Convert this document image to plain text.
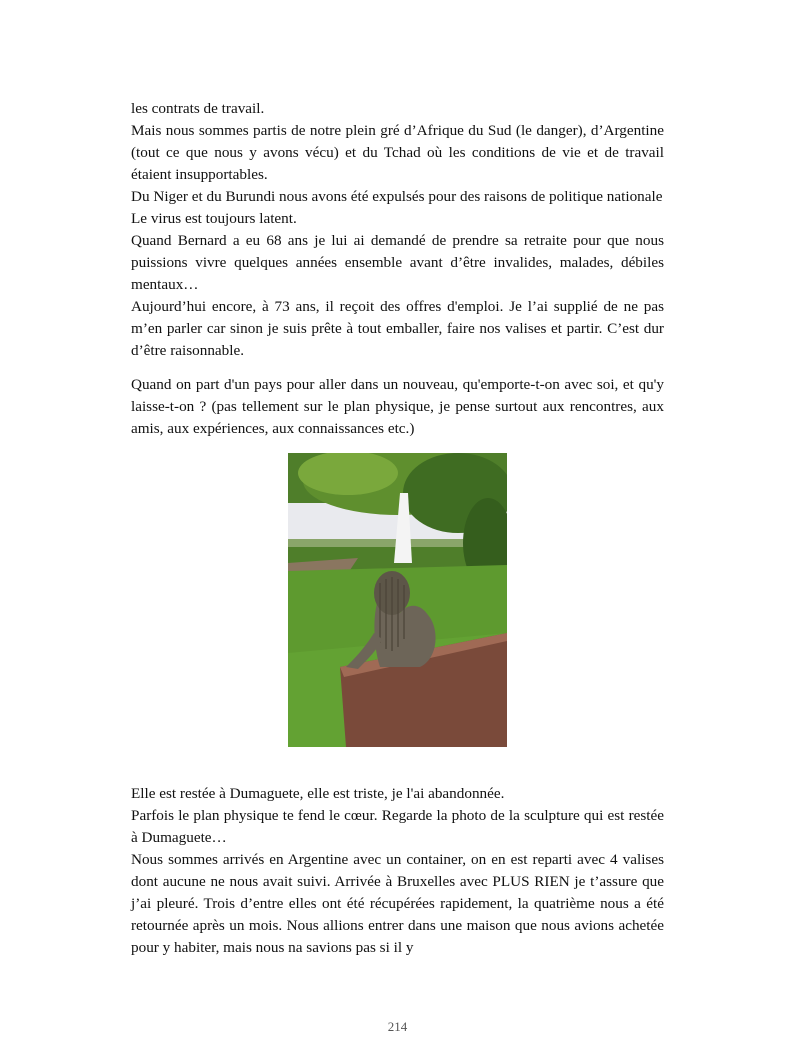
les contrats de travail.

Mais nous sommes partis de notre plein gré d’Afrique du Sud (le danger), d’Argentine (tout ce que nous y avons vécu) et du Tchad où les conditions de vie et de travail étaient insupportables.

Du Niger et du Burundi nous avons été expulsés pour des raisons de politique nationale

Le virus est toujours latent.

Quand Bernard a eu 68 ans je lui ai demandé de prendre sa retraite pour que nous puissions vivre quelques années ensemble avant d’être invalides, malades, débiles mentaux…

Aujourd’hui encore, à 73 ans, il reçoit des offres d'emploi. Je l’ai supplié de ne pas m’en parler car sinon je suis prête à tout emballer, faire nos valises et partir. C’est dur d’être raisonnable.

Quand on part d'un pays pour aller dans un nouveau, qu'emporte-t-on avec soi, et qu'y laisse-t-on ? (pas tellement sur le plan physique, je pense surtout aux rencontres, aux amis, aux expériences, aux connaissances etc.)

Elle est restée à Dumaguete, elle est triste, je l'ai abandonnée.

Parfois le plan physique te fend le cœur. Regarde la photo de la sculpture qui est restée à Dumaguete…

Nous sommes arrivés en Argentine avec un container, on en est reparti avec 4 valises dont aucune ne nous avait suivi. Arrivée à Bruxelles avec PLUS RIEN je t’assure que j’ai pleuré. Trois d’entre elles ont été récupérées rapidement, la quatrième nous a été retournée après un mois. Nous allions entrer dans une maison que nous avions achetée pour y habiter, mais nous na savions pas si il y

214
